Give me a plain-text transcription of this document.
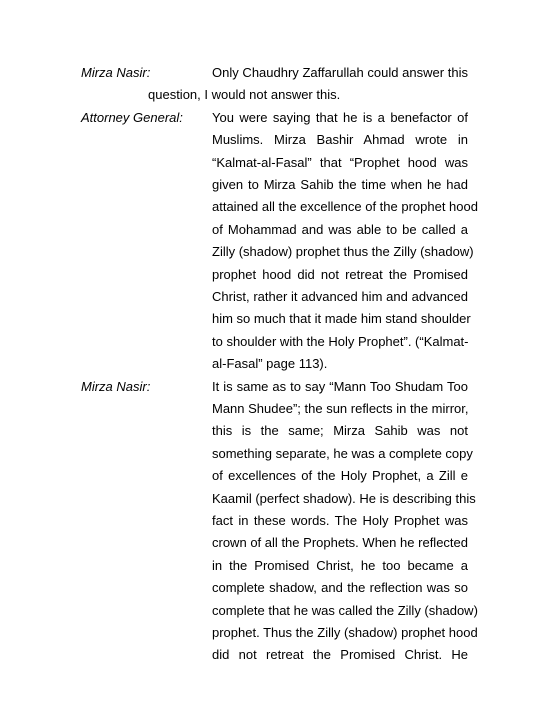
Mirza Nasir:	Only Chaudhry Zaffarullah could answer this
question, I would not answer this.
Attorney General: You were saying that he is a benefactor of
Muslims. Mirza Bashir Ahmad wrote in
“Kalmat-al-Fasal” that “Prophet hood was
given to Mirza Sahib the time when he had
attained all the excellence of the prophet hood
of Mohammad and was able to be called a
Zilly (shadow) prophet thus the Zilly (shadow)
prophet hood did not retreat the Promised
Christ, rather it advanced him and advanced
him so much that it made him stand shoulder
to shoulder with the Holy Prophet”. (“Kalmat-
al-Fasal” page 113).
Mirza Nasir:	It is same as to say “Mann Too Shudam Too
Mann Shudee”; the sun reflects in the mirror,
this is the same; Mirza Sahib was not
something separate, he was a complete copy
of excellences of the Holy Prophet, a Zill e
Kaamil (perfect shadow). He is describing this
fact in these words. The Holy Prophet was
crown of all the Prophets. When he reflected
in the Promised Christ, he too became a
complete shadow, and the reflection was so
complete that he was called the Zilly (shadow)
prophet. Thus the Zilly (shadow) prophet hood
did not retreat the Promised Christ. He
